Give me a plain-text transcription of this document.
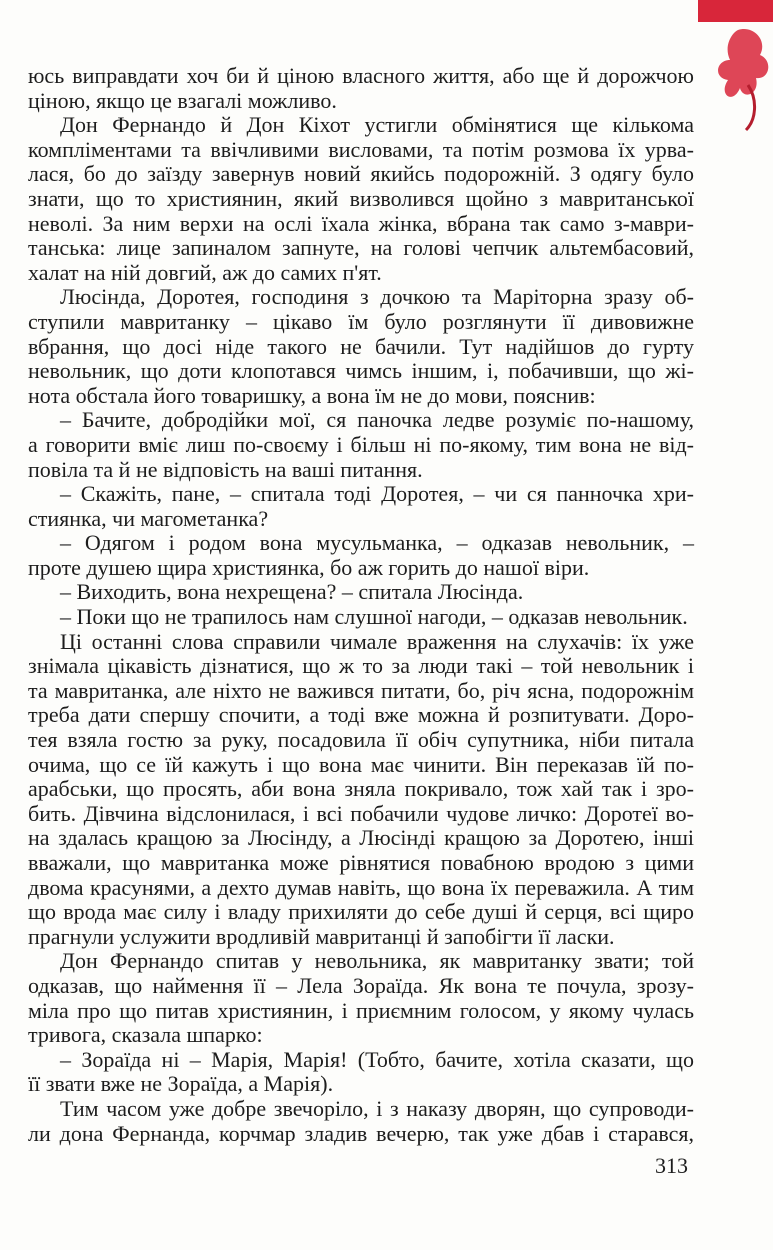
юсь виправдати хоч би й ціною власного життя, або ще й дорожчою
ціною, якщо це взагалі можливо.
Дон Фернандо й Дон Кіхот устигли обмінятися ще кількома
компліментами та ввічливими висловами, та потім розмова їх урва-
лася, бо до заїзду завернув новий якийсь подорожній. З одягу було
знати, що то християнин, який визволився щойно з мавританської
неволі. За ним верхи на ослі їхала жінка, вбрана так само з-маври-
танська: лице запиналом запнуте, на голові чепчик альтембасовий,
халат на ній довгий, аж до самих п'ят.
Люсінда, Доротея, господиня з дочкою та Маріторна зразу об-
ступили мавританку – цікаво їм було розглянути її дивовижне
вбрання, що досі ніде такого не бачили. Тут надійшов до гурту
невольник, що доти клопотався чимсь іншим, і, побачивши, що жі-
нота обстала його товаришку, а вона їм не до мови, пояснив:
– Бачите, добродійки мої, ся паночка ледве розуміє по-нашому,
а говорити вміє лиш по-своєму і більш ні по-якому, тим вона не від-
повіла та й не відповість на ваші питання.
– Скажіть, пане, – спитала тоді Доротея, – чи ся панночка хри-
стиянка, чи магометанка?
– Одягом і родом вона мусульманка, – одказав невольник, –
проте душею щира християнка, бо аж горить до нашої віри.
– Виходить, вона нехрещена? – спитала Люсінда.
– Поки що не трапилось нам слушної нагоди, – одказав невольник.
Ці останні слова справили чимале враження на слухачів: їх уже
знімала цікавість дізнатися, що ж то за люди такі – той невольник і
та мавританка, але ніхто не важився питати, бо, річ ясна, подорожнім
треба дати спершу спочити, а тоді вже можна й розпитувати. Доро-
тея взяла гостю за руку, посадовила її обіч супутника, ніби питала
очима, що се їй кажуть і що вона має чинити. Він переказав їй по-
арабськи, що просять, аби вона зняла покривало, тож хай так і зро-
бить. Дівчина відслонилася, і всі побачили чудове личко: Доротеї во-
на здалась кращою за Люсінду, а Люсінді кращою за Доротею, інші
вважали, що мавританка може рівнятися повабною вродою з цими
двома красунями, а дехто думав навіть, що вона їх переважила. А тим
що врода має силу і владу прихиляти до себе душі й серця, всі щиро
прагнули услужити вродливій мавританці й запобігти її ласки.
Дон Фернандо спитав у невольника, як мавританку звати; той
одказав, що наймення її – Лела Зораїда. Як вона те почула, зрозу-
міла про що питав християнин, і приємним голосом, у якому чулась
тривога, сказала шпарко:
– Зораїда ні – Марія, Марія! (Тобто, бачите, хотіла сказати, що
її звати вже не Зораїда, а Марія).
Тим часом уже добре звечоріло, і з наказу дворян, що супроводи-
ли дона Фернанда, корчмар зладив вечерю, так уже дбав і старався,
313
